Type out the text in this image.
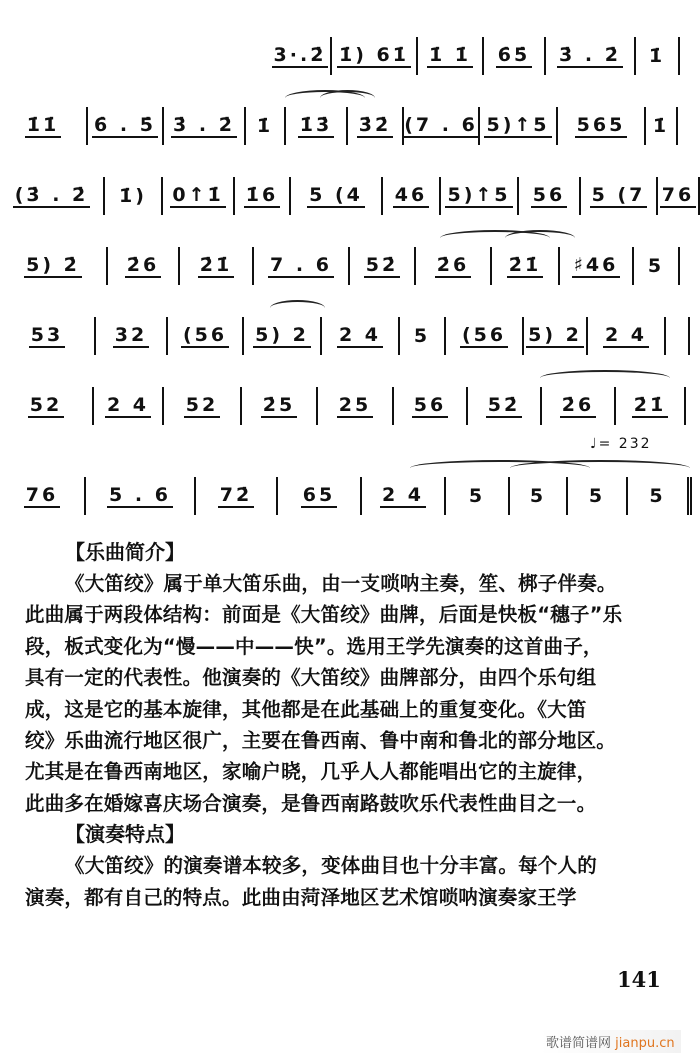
3·.2̇ 1̇) 61̇ 1̇ 1̇ 6̇5̇ 3̇ . 2̇ 1̇
1̇1̇ 6̇ . 5̇ 3̇ . 2̇ 1̇ 1̇3̇ 3̇2̇ (7 . 6 5)↑5 565 1̇
(3̇ . 2̇ 1̇) 0↑1̇ 1̇6 5 (4 46 5)↑5 56 5 (7 76
5) 2̇ 2̇6 2̇1̇ 7 . 6 52̇ 2̇6 2̇1̇ ♯46 5
53	32 (56 5) 2 2 4 5 (56 5) 2 2 4
52 2 4 52 2̇5 25 56 52̇ 2̇6 2̇1̇
76	5 . 6	72̇	65 2 4 5 5 5 5
♩= 232
【乐曲简介】
《大笛绞》属于单大笛乐曲，由一支唢呐主奏，笙、梆子伴奏。
此曲属于两段体结构：前面是《大笛绞》曲牌，后面是快板“穗子”乐
段，板式变化为“慢——中——快”。选用王学先演奏的这首曲子，
具有一定的代表性。他演奏的《大笛绞》曲牌部分，由四个乐句组
成，这是它的基本旋律，其他都是在此基础上的重复变化。《大笛
绞》乐曲流行地区很广，主要在鲁西南、鲁中南和鲁北的部分地区。
尤其是在鲁西南地区，家喻户晓，几乎人人都能唱出它的主旋律，
此曲多在婚嫁喜庆场合演奏，是鲁西南路鼓吹乐代表性曲目之一。
【演奏特点】
《大笛绞》的演奏谱本较多，变体曲目也十分丰富。每个人的
演奏，都有自己的特点。此曲由菏泽地区艺术馆唢呐演奏家王学
141
歌谱简谱网 jianpu.cn
